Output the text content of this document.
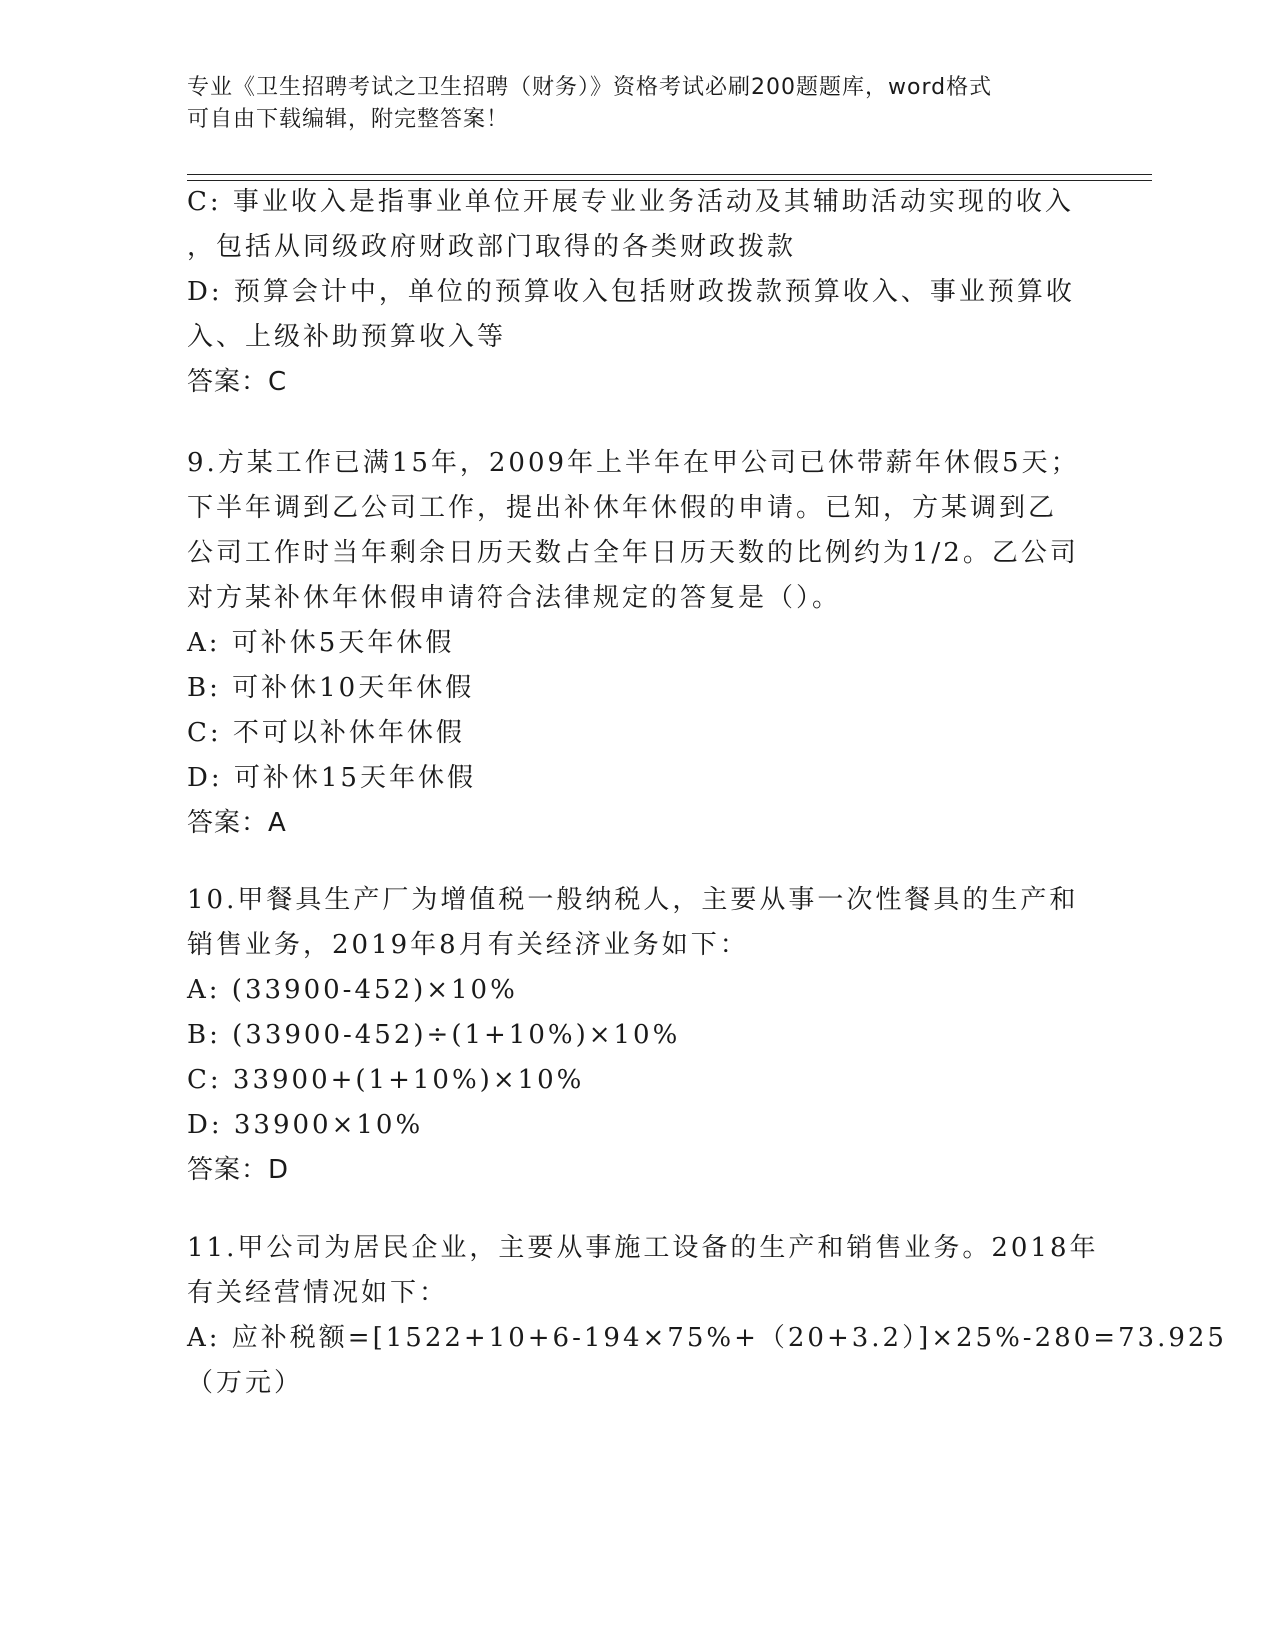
专业《卫生招聘考试之卫生招聘（财务）》资格考试必刷200题题库，word格式
可自由下载编辑，附完整答案！
C: 事业收入是指事业单位开展专业业务活动及其辅助活动实现的收入
，包括从同级政府财政部门取得的各类财政拨款
D: 预算会计中，单位的预算收入包括财政拨款预算收入、事业预算收
入、上级补助预算收入等
答案：C
9.方某工作已满15年，2009年上半年在甲公司已休带薪年休假5天；
下半年调到乙公司工作，提出补休年休假的申请。已知，方某调到乙
公司工作时当年剩余日历天数占全年日历天数的比例约为1/2。乙公司
对方某补休年休假申请符合法律规定的答复是（）。
A: 可补休5天年休假
B: 可补休10天年休假
C: 不可以补休年休假
D: 可补休15天年休假
答案：A
10.甲餐具生产厂为增值税一般纳税人，主要从事一次性餐具的生产和
销售业务，2019年8月有关经济业务如下：
A: (33900-452)×10%
B: (33900-452)÷(1+10%)×10%
C: 33900+(1+10%)×10%
D: 33900×10%
答案：D
11.甲公司为居民企业，主要从事施工设备的生产和销售业务。2018年
有关经营情况如下：
A: 应补税额=[1522+10+6-194×75%+（20+3.2）]×25%-280=73.925
（万元）
